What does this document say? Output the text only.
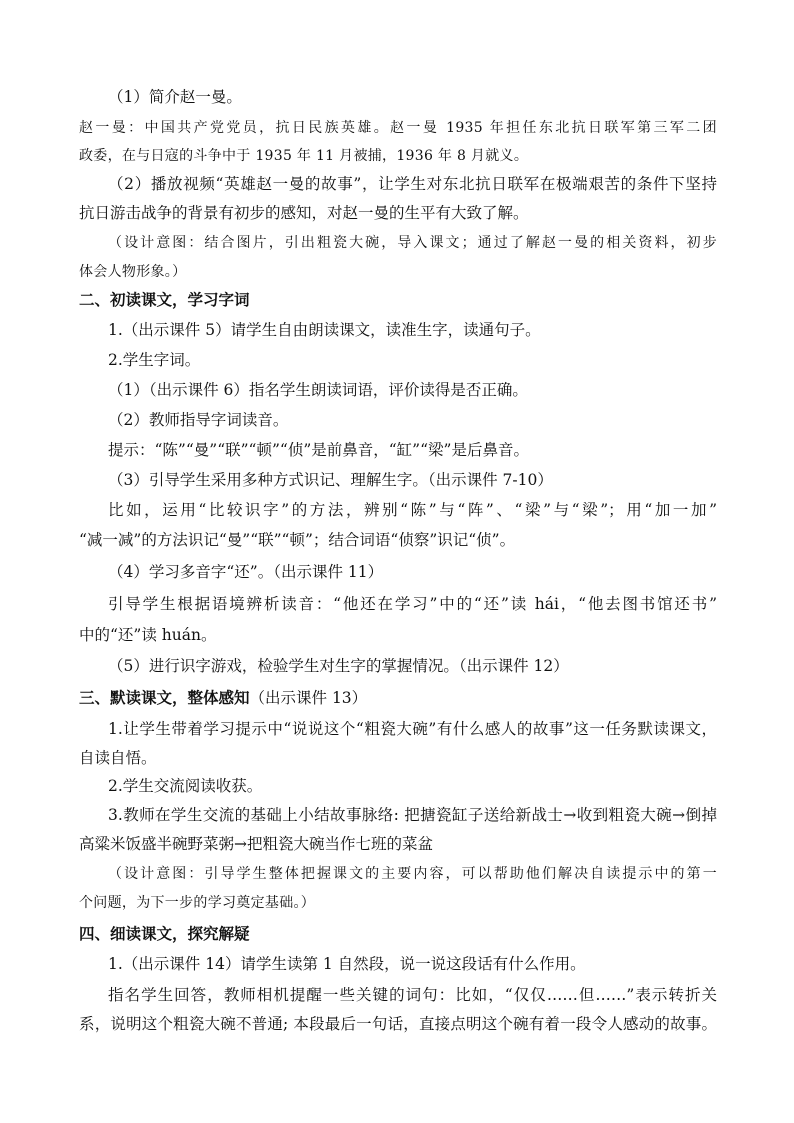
（1）简介赵一曼。
赵一曼：中国共产党党员，抗日民族英雄。赵一曼 1935 年担任东北抗日联军第三军二团
政委，在与日寇的斗争中于 1935 年 11 月被捕，1936 年 8 月就义。
（2）播放视频“英雄赵一曼的故事”，让学生对东北抗日联军在极端艰苦的条件下坚持
抗日游击战争的背景有初步的感知，对赵一曼的生平有大致了解。
（设计意图：结合图片，引出粗瓷大碗，导入课文；通过了解赵一曼的相关资料，初步
体会人物形象。）
二、初读课文，学习字词
1.（出示课件 5）请学生自由朗读课文，读准生字，读通句子。
2.学生字词。
（1）（出示课件 6）指名学生朗读词语，评价读得是否正确。
（2）教师指导字词读音。
提示：“陈”“曼”“联”“顿”“侦”是前鼻音，“缸”“梁”是后鼻音。
（3）引导学生采用多种方式识记、理解生字。（出示课件 7-10）
比如，运用“比较识字”的方法，辨别“陈”与“阵”、“梁”与“梁”；用“加一加”
“减一减”的方法识记“曼”“联”“顿”；结合词语“侦察”识记“侦”。
（4）学习多音字“还”。（出示课件 11）
引导学生根据语境辨析读音：“他还在学习”中的“还”读 hái，“他去图书馆还书”
中的“还”读 huán。
（5）进行识字游戏，检验学生对生字的掌握情况。（出示课件 12）
三、默读课文，整体感知（出示课件 13）
1.让学生带着学习提示中“说说这个“粗瓷大碗”有什么感人的故事”这一任务默读课文，
自读自悟。
2.学生交流阅读收获。
3.教师在学生交流的基础上小结故事脉络: 把搪瓷缸子送给新战士→收到粗瓷大碗→倒掉
高粱米饭盛半碗野菜粥→把粗瓷大碗当作七班的菜盆
（设计意图：引导学生整体把握课文的主要内容，可以帮助他们解决自读提示中的第一
个问题，为下一步的学习奠定基础。）
四、细读课文，探究解疑
1.（出示课件 14）请学生读第 1 自然段，说一说这段话有什么作用。
指名学生回答，教师相机提醒一些关键的词句：比如，“仅仅……但……”表示转折关
系，说明这个粗瓷大碗不普通; 本段最后一句话，直接点明这个碗有着一段令人感动的故事。
